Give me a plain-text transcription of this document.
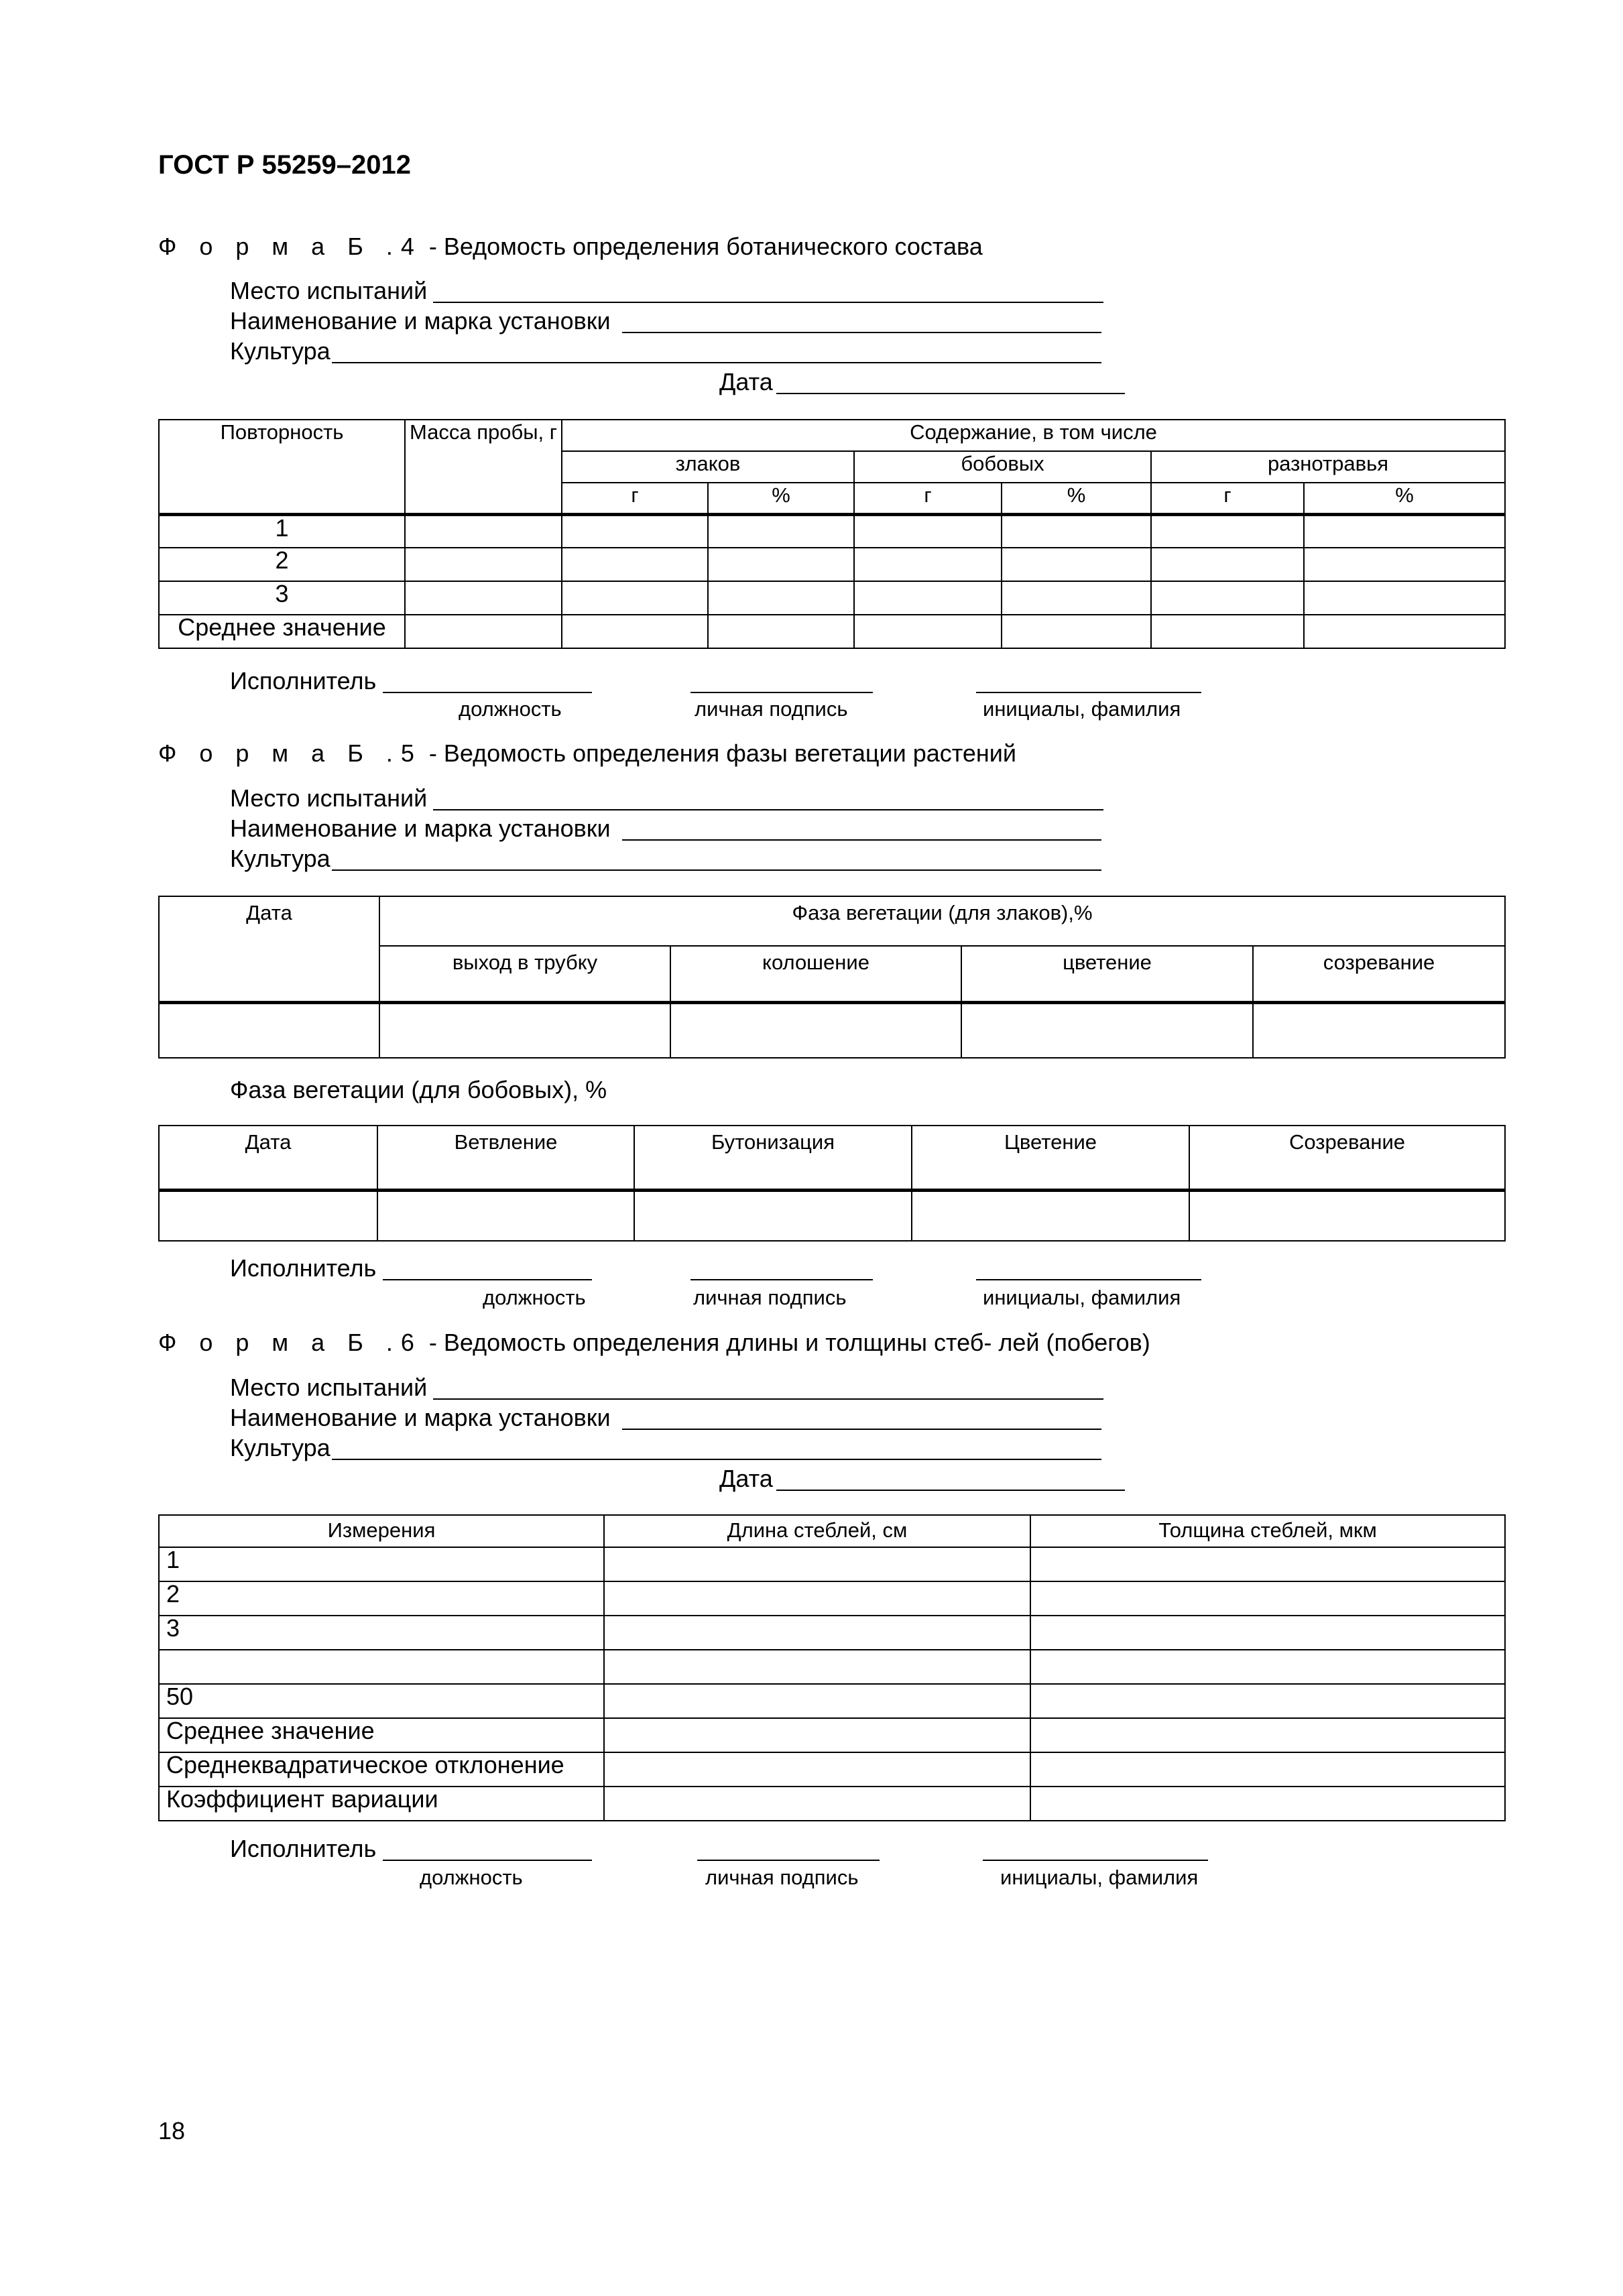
ГОСТ Р 55259–2012
Ф о р м а Б .4 - Ведомость определения ботанического состава
Место испытаний
Наименование и марка установки
Культура
Дата
Повторность	Масса пробы, г	Содержание, в том числе					
		злаков		бобовых		разнотравья	
		г	%	г	%	г	%
1							
2							
3							
Среднее значение							
Исполнитель
должность	личная подпись	инициалы, фамилия
Ф о р м а Б .5 - Ведомость определения фазы вегетации растений
Место испытаний
Наименование и марка установки
Культура
Дата	Фаза вегетации (для злаков),%			
	выход в трубку	колошение	цветение	созревание

Фаза вегетации (для бобовых), %
Дата	Ветвление	Бутонизация	Цветение	Созревание

Исполнитель
должность	личная подпись	инициалы, фамилия
Ф о р м а Б .6 - Ведомость определения длины и толщины стеб- лей (побегов)
Место испытаний
Наименование и марка установки
Культура
Дата
Измерения	Длина стеблей, см	Толщина стеблей, мкм
1		
2		
3		

50		
Среднее значение		
Среднеквадратическое отклонение		
Коэффициент вариации		
Исполнитель
должность	личная подпись	инициалы, фамилия
18
